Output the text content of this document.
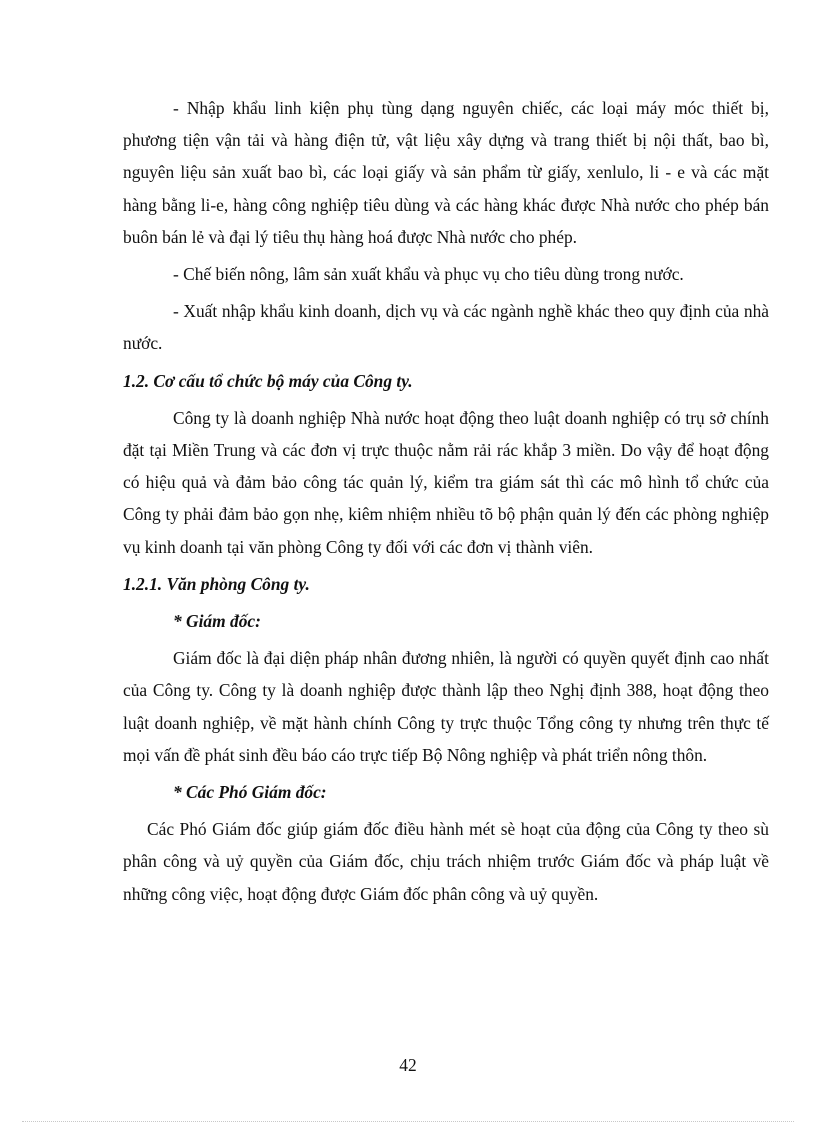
- Nhập khẩu linh kiện phụ tùng dạng nguyên chiếc, các loại máy móc thiết bị, phương tiện vận tải và hàng điện tử, vật liệu xây dựng và trang thiết bị nội thất, bao bì, nguyên liệu sản xuất bao bì, các loại giấy và sản phẩm từ giấy, xenlulo, li - e và các mặt hàng bằng li-e, hàng công nghiệp tiêu dùng và các hàng khác được Nhà nước cho phép bán buôn bán lẻ và đại lý tiêu thụ hàng hoá được Nhà nước cho phép.

- Chế biến nông, lâm sản xuất khẩu và phục vụ cho tiêu dùng trong nước.

- Xuất nhập khẩu kinh doanh, dịch vụ và các ngành nghề khác theo quy định của nhà nước.

1.2. Cơ cấu tổ chức bộ máy của Công ty.

Công ty là doanh nghiệp Nhà nước hoạt động theo luật doanh nghiệp có trụ sở chính đặt tại Miền Trung và các đơn vị trực thuộc nằm rải rác khắp 3 miền. Do vậy để hoạt động có hiệu quả và đảm bảo công tác quản lý, kiểm tra giám sát thì các mô hình tổ chức của Công ty phải đảm bảo gọn nhẹ, kiêm nhiệm nhiều tõ bộ phận quản lý đến các phòng nghiệp vụ kinh doanh tại văn phòng Công ty đối với các đơn vị thành viên.

1.2.1. Văn phòng Công ty.

* Giám đốc:

Giám đốc là đại diện pháp nhân đương nhiên, là người có quyền quyết định cao nhất của Công ty. Công ty là doanh nghiệp được thành lập theo Nghị định 388, hoạt động theo luật doanh nghiệp, về mặt hành chính Công ty trực thuộc Tổng công ty nhưng trên thực tế mọi vấn đề phát sinh đều báo cáo trực tiếp Bộ Nông nghiệp và phát triển nông thôn.

* Các Phó Giám đốc:

Các Phó Giám đốc giúp giám đốc điều hành mét sè hoạt của động của Công ty theo sù phân công và uỷ quyền của Giám đốc, chịu trách nhiệm trước Giám đốc và pháp luật về những công việc, hoạt động được Giám đốc phân công và uỷ quyền.

42
